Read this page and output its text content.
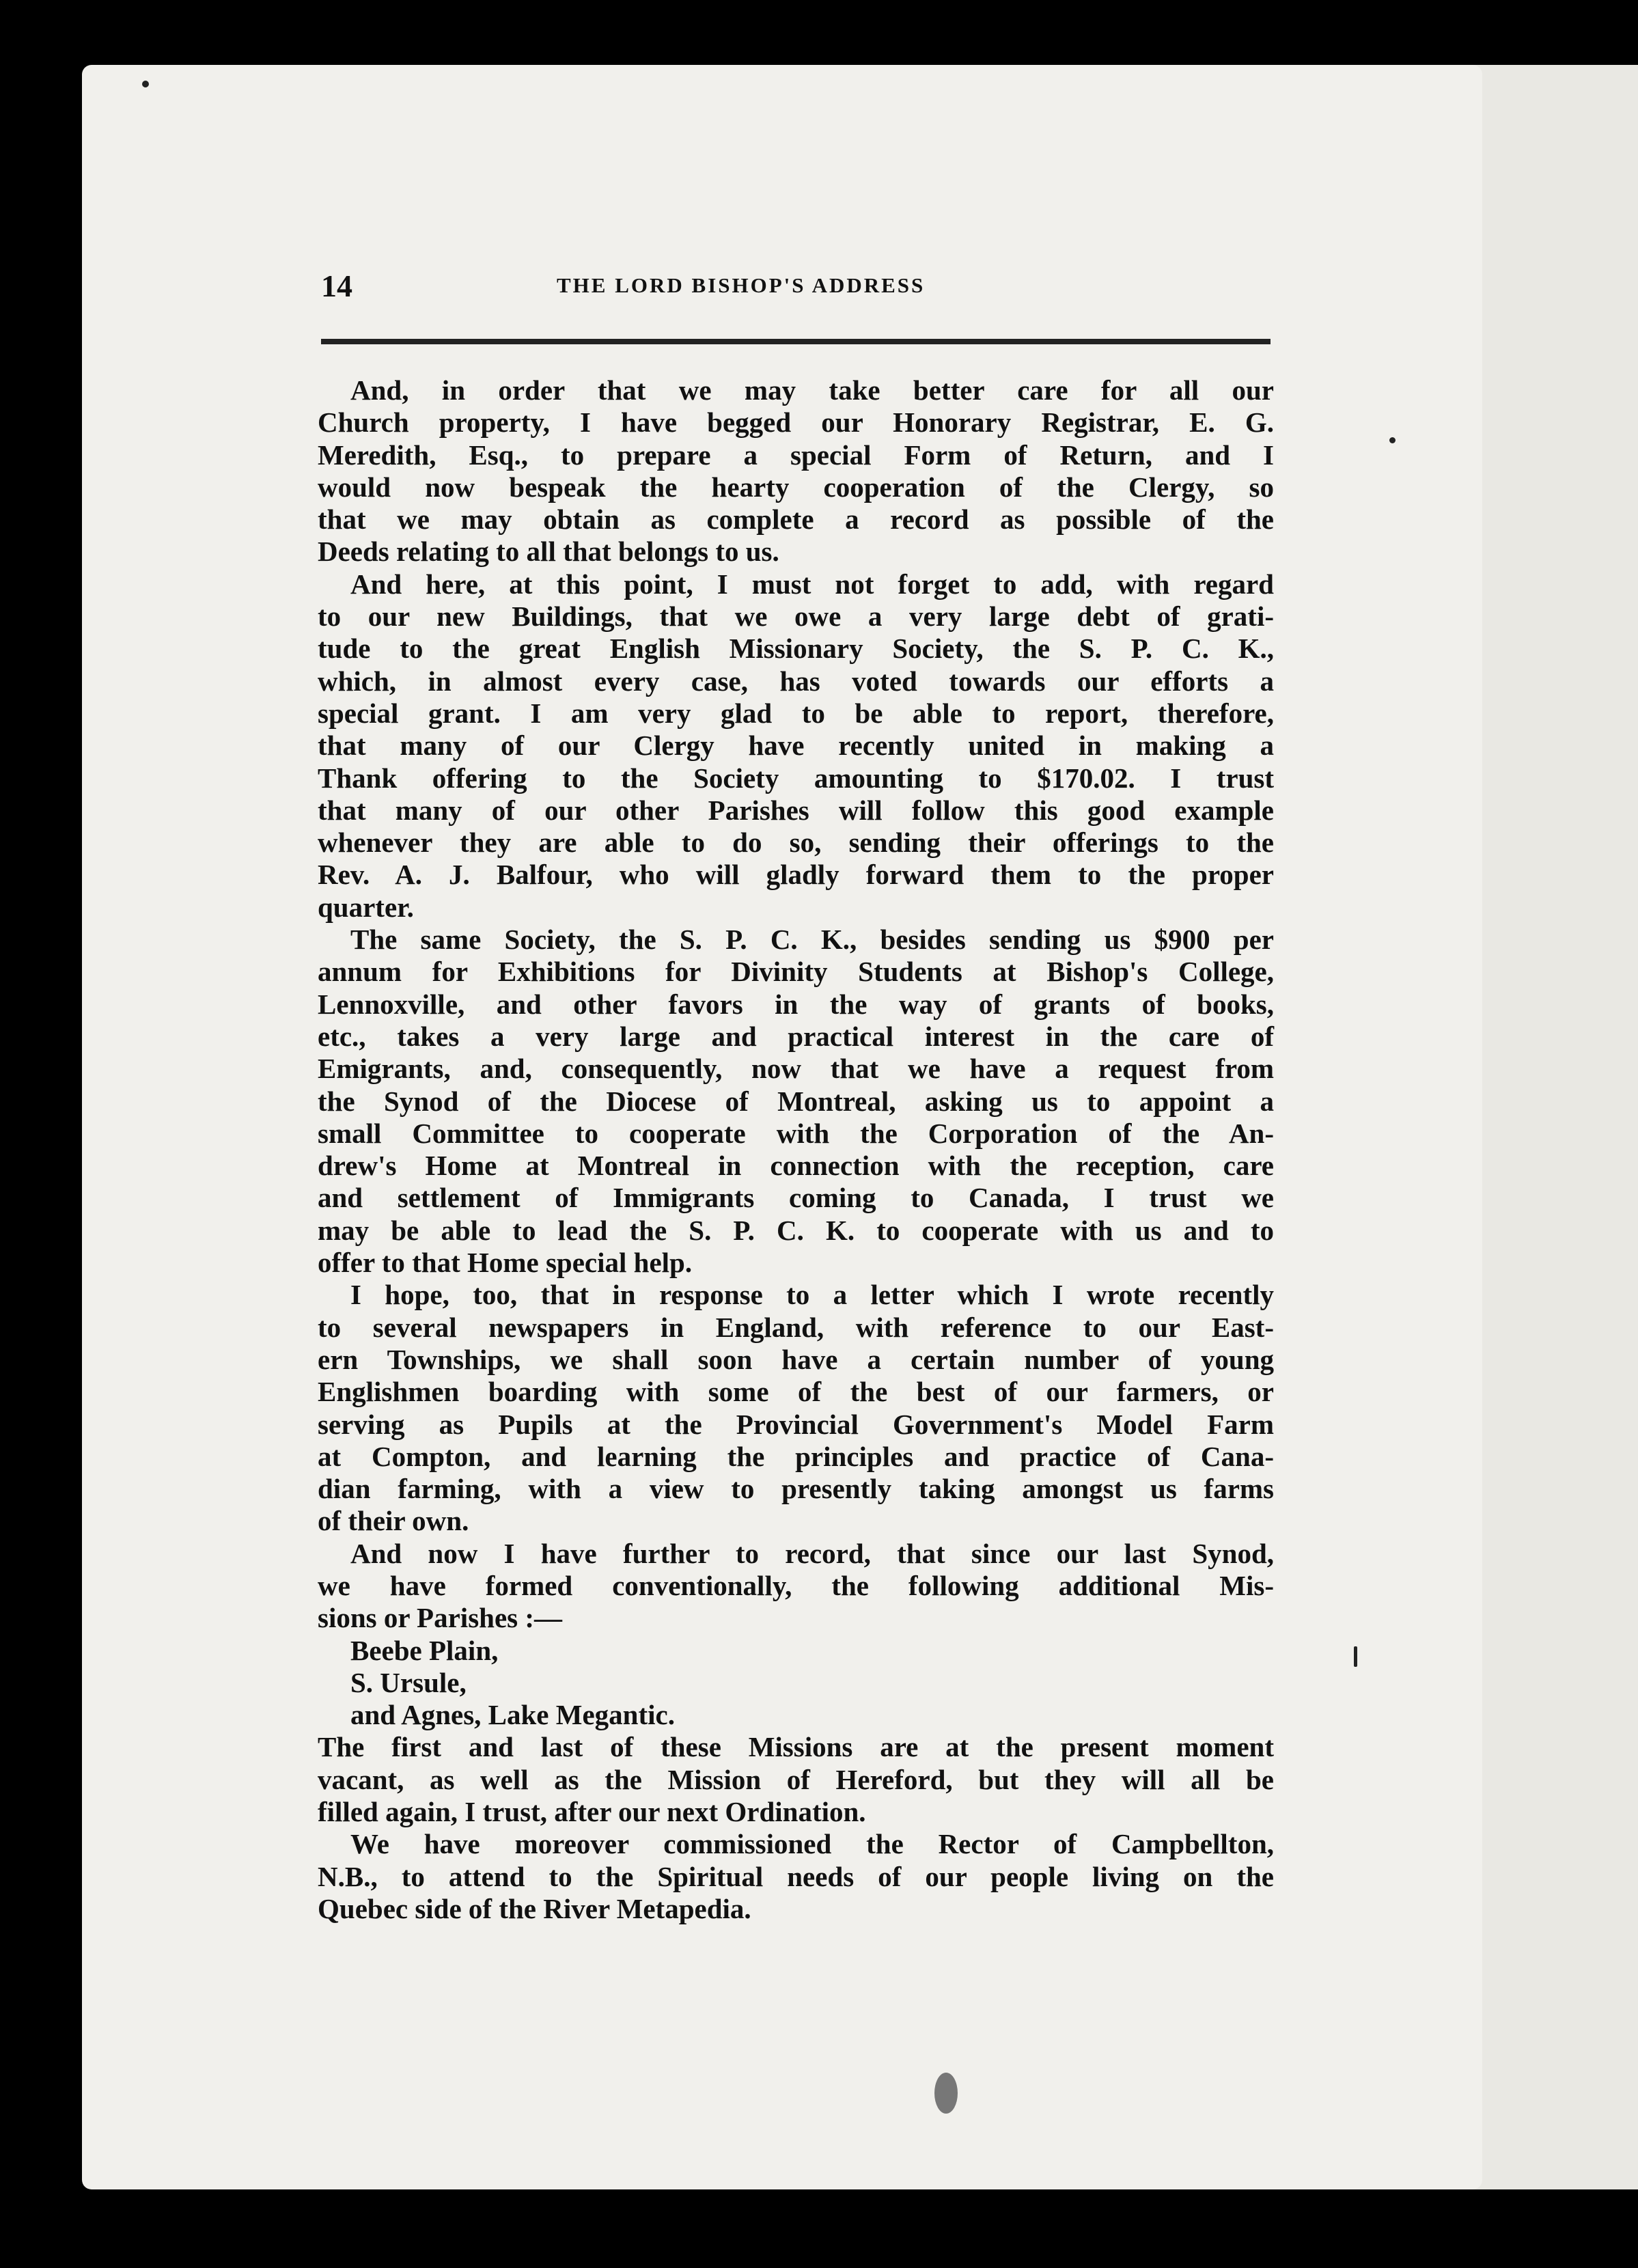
14	THE LORD BISHOP'S ADDRESS
And, in order that we may take better care for all our
Church property, I have begged our Honorary Registrar, E. G.
Meredith, Esq., to prepare a special Form of Return, and I
would now bespeak the hearty cooperation of the Clergy, so
that we may obtain as complete a record as possible of the
Deeds relating to all that belongs to us.
And here, at this point, I must not forget to add, with regard
to our new Buildings, that we owe a very large debt of grati-
tude to the great English Missionary Society, the S. P. C. K.,
which, in almost every case, has voted towards our efforts a
special grant. I am very glad to be able to report, therefore,
that many of our Clergy have recently united in making a
Thank offering to the Society amounting to $170.02. I trust
that many of our other Parishes will follow this good example
whenever they are able to do so, sending their offerings to the
Rev. A. J. Balfour, who will gladly forward them to the proper
quarter.
The same Society, the S. P. C. K., besides sending us $900 per
annum for Exhibitions for Divinity Students at Bishop's College,
Lennoxville, and other favors in the way of grants of books,
etc., takes a very large and practical interest in the care of
Emigrants, and, consequently, now that we have a request from
the Synod of the Diocese of Montreal, asking us to appoint a
small Committee to cooperate with the Corporation of the An-
drew's Home at Montreal in connection with the reception, care
and settlement of Immigrants coming to Canada, I trust we
may be able to lead the S. P. C. K. to cooperate with us and to
offer to that Home special help.
I hope, too, that in response to a letter which I wrote recently
to several newspapers in England, with reference to our East-
ern Townships, we shall soon have a certain number of young
Englishmen boarding with some of the best of our farmers, or
serving as Pupils at the Provincial Government's Model Farm
at Compton, and learning the principles and practice of Cana-
dian farming, with a view to presently taking amongst us farms
of their own.
And now I have further to record, that since our last Synod,
we have formed conventionally, the following additional Mis-
sions or Parishes :—
Beebe Plain,
S. Ursule,
and Agnes, Lake Megantic.
The first and last of these Missions are at the present moment
vacant, as well as the Mission of Hereford, but they will all be
filled again, I trust, after our next Ordination.
We have moreover commissioned the Rector of Campbellton,
N.B., to attend to the Spiritual needs of our people living on the
Quebec side of the River Metapedia.
